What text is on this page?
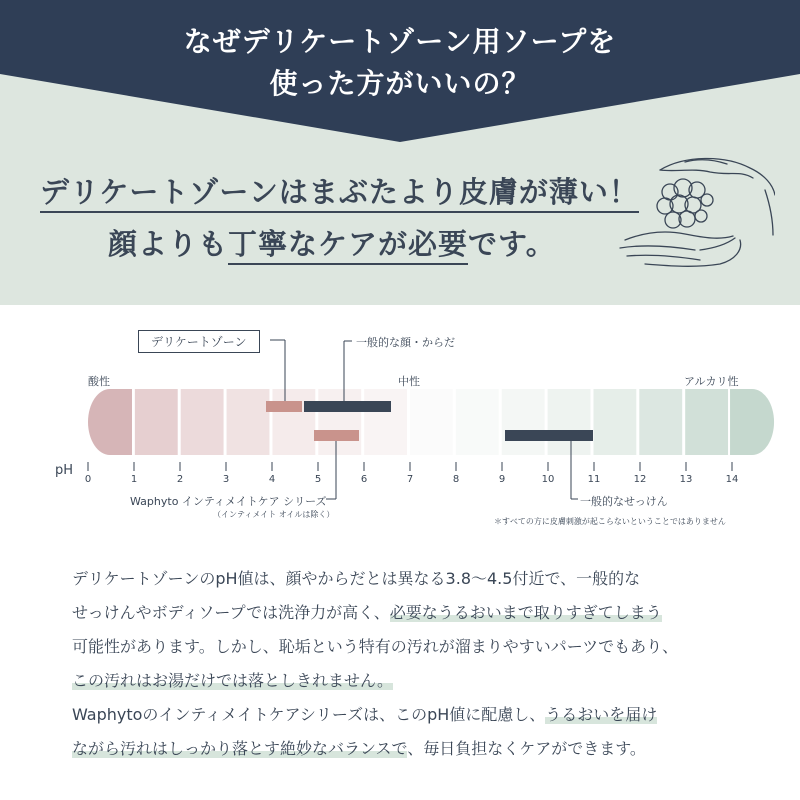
なぜデリケートゾーン用ソープを
使った方がいいの？
デリケートゾーンはまぶたより皮膚が薄い！
顔よりも丁寧なケアが必要です。
酸性	中性	アルカリ性
デリケートゾーン	一般的な顔・からだ
pH
0	1	2	3	4	5	6	7	8	9	10	11	12	13	14
Waphyto インティメイトケア シリーズ
（インティメイト オイルは除く）
一般的なせっけん
＊すべての方に皮膚刺激が起こらないということではありません
デリケートゾーンのpH値は、顔やからだとは異なる3.8〜4.5付近で、一般的な
せっけんやボディソープでは洗浄力が高く、必要なうるおいまで取りすぎてしまう
可能性があります。しかし、恥垢という特有の汚れが溜まりやすいパーツでもあり、
この汚れはお湯だけでは落としきれません。
Waphytoのインティメイトケアシリーズは、このpH値に配慮し、うるおいを届け
ながら汚れはしっかり落とす絶妙なバランスで、毎日負担なくケアができます。
